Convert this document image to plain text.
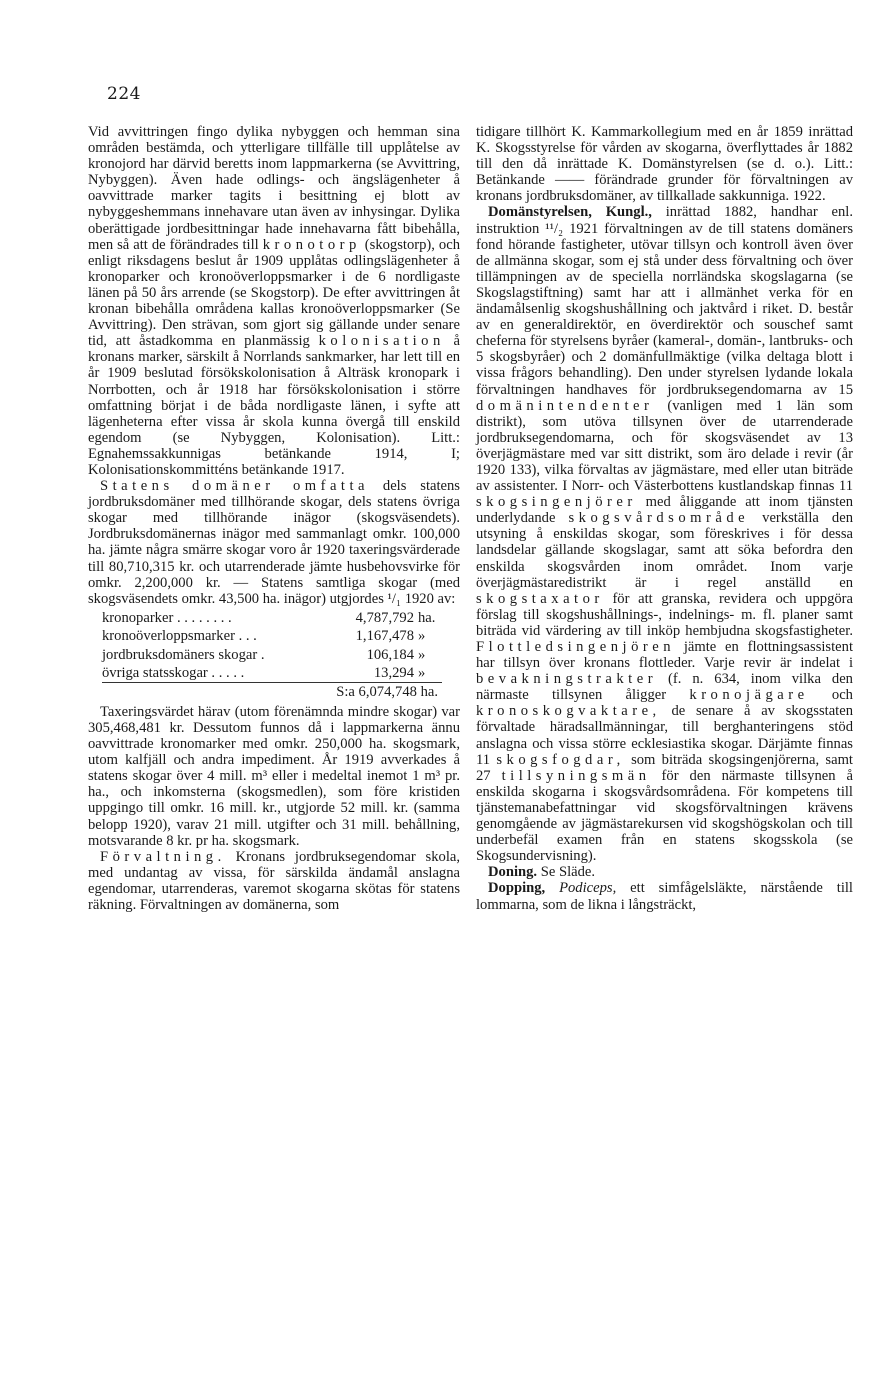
224

Vid avvittringen fingo dylika nybyggen och hemman sina områden bestämda, och ytterligare tillfälle till upplåtelse av kronojord har därvid beretts inom lappmarkerna (se Avvittring, Nybyggen). Även hade odlings- och ängslägenheter å oavvittrade marker tagits i besittning ej blott av nybyggeshemmans innehavare utan även av inhysingar. Dylika oberättigade jordbesittningar hade innehavarna fått bibehålla, men så att de förändrades till kronotorp (skogstorp), och enligt riksdagens beslut år 1909 upplåtas odlingslägenheter å kronoparker och kronoöverloppsmarker i de 6 nordligaste länen på 50 års arrende (se Skogstorp). De efter avvittringen åt kronan bibehålla områdena kallas kronoöverloppsmarker (Se Avvittring). Den strävan, som gjort sig gällande under senare tid, att åstadkomma en planmässig kolonisation å kronans marker, särskilt å Norrlands sankmarker, har lett till en år 1909 beslutad försökskolonisation å Alträsk kronopark i Norrbotten, och år 1918 har försökskolonisation i större omfattning börjat i de båda nordligaste länen, i syfte att lägenheterna efter vissa år skola kunna övergå till enskild egendom (se Nybyggen, Kolonisation). Litt.: Egnahemssakkunnigas betänkande 1914, I; Kolonisationskommitténs betänkande 1917.

Statens domäner omfatta dels statens jordbruksdomäner med tillhörande skogar, dels statens övriga skogar med tillhörande inägor (skogsväsendets). Jordbruksdomänernas inägor med sammanlagt omkr. 100,000 ha. jämte några smärre skogar voro år 1920 taxeringsvärderade till 80,710,315 kr. och utarrenderade jämte husbehovsvirke för omkr. 2,200,000 kr. — Statens samtliga skogar (med skogsväsendets omkr. 43,500 ha. inägor) utgjordes ¹/₁ 1920 av:

kronoparker . . . . . . . .	4,787,792	ha.
kronoöverloppsmarker . . .	1,167,478	»
jordbruksdomäners skogar .	106,184	»
övriga statsskogar . . . . .	13,294	»
	S:a 6,074,748 ha.	

Taxeringsvärdet härav (utom förenämnda mindre skogar) var 305,468,481 kr. Dessutom funnos då i lappmarkerna ännu oavvittrade kronomarker med omkr. 250,000 ha. skogsmark, utom kalfjäll och andra impediment. År 1919 avverkades å statens skogar över 4 mill. m³ eller i medeltal inemot 1 m³ pr. ha., och inkomsterna (skogsmedlen), som före kristiden uppgingo till omkr. 16 mill. kr., utgjorde 52 mill. kr. (samma belopp 1920), varav 21 mill. utgifter och 31 mill. behållning, motsvarande 8 kr. pr ha. skogsmark.

Förvaltning. Kronans jordbruksegendomar skola, med undantag av vissa, för särskilda ändamål anslagna egendomar, utarrenderas, varemot skogarna skötas för statens räkning. Förvaltningen av domänerna, som

tidigare tillhört K. Kammarkollegium med en år 1859 inrättad K. Skogsstyrelse för vården av skogarna, överflyttades år 1882 till den då inrättade K. Domänstyrelsen (se d. o.). Litt.: Betänkande —— förändrade grunder för förvaltningen av kronans jordbruksdomäner, av tillkallade sakkunniga. 1922.

Domänstyrelsen, Kungl., inrättad 1882, handhar enl. instruktion ¹¹/₂ 1921 förvaltningen av de till statens domäners fond hörande fastigheter, utövar tillsyn och kontroll även över de allmänna skogar, som ej stå under dess förvaltning och över tillämpningen av de speciella norrländska skogslagarna (se Skogslagstiftning) samt har att i allmänhet verka för en ändamålsenlig skogshushållning och jaktvård i riket. D. består av en generaldirektör, en överdirektör och souschef samt cheferna för styrelsens byråer (kameral-, domän-, lantbruks- och 5 skogsbyråer) och 2 domänfullmäktige (vilka deltaga blott i vissa frågors behandling). Den under styrelsen lydande lokala förvaltningen handhaves för jordbruksegendomarna av 15 domänintendenter (vanligen med 1 län som distrikt), som utöva tillsynen över de utarrenderade jordbruksegendomarna, och för skogsväsendet av 13 överjägmästare med var sitt distrikt, som äro delade i revir (år 1920 133), vilka förvaltas av jägmästare, med eller utan biträde av assistenter. I Norr- och Västerbottens kustlandskap finnas 11 skogsingenjörer med åliggande att inom tjänsten underlydande skogsvårdsområde verkställa den utsyning å enskildas skogar, som föreskrives i för dessa landsdelar gällande skogslagar, samt att söka befordra den enskilda skogsvården inom området. Inom varje överjägmästaredistrikt är i regel anställd en skogstaxator för att granska, revidera och uppgöra förslag till skogshushållnings-, indelnings- m. fl. planer samt biträda vid värdering av till inköp hembjudna skogsfastigheter. Flottledsingenjören jämte en flottningsassistent har tillsyn över kronans flottleder. Varje revir är indelat i bevakningstrakter (f. n. 634, inom vilka den närmaste tillsynen åligger kronojägare och kronoskogvaktare, de senare å av skogsstaten förvaltade häradsallmänningar, till berghanteringens stöd anslagna och vissa större ecklesiastika skogar. Därjämte finnas 11 skogsfogdar, som biträda skogsingenjörerna, samt 27 tillsyningsmän för den närmaste tillsynen å enskilda skogarna i skogsvårdsområdena. För kompetens till tjänstemanabefattningar vid skogsförvaltningen krävens genomgående av jägmästarekursen vid skogshögskolan och till underbefäl examen från en statens skogsskola (se Skogsundervisning).

Doning. Se Släde.

Dopping, Podiceps, ett simfågelsläkte, närstående till lommarna, som de likna i långsträckt,
